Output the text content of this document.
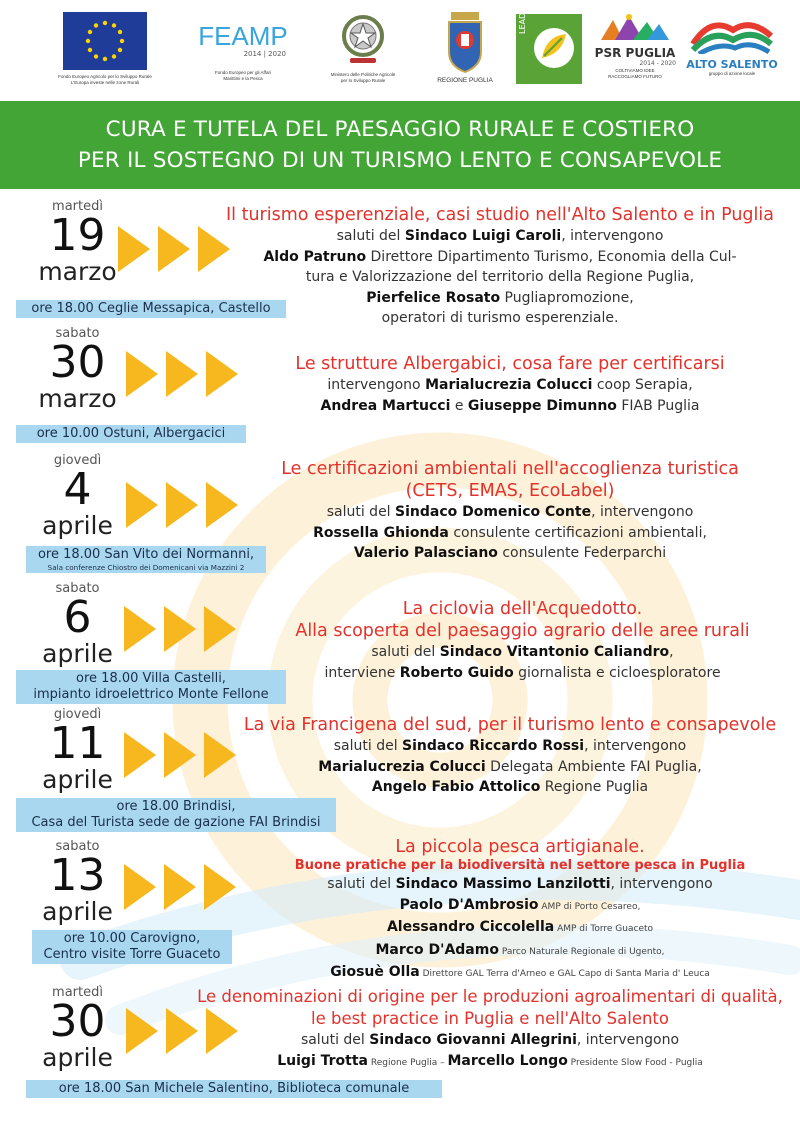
Fondo Europeo Agricolo per lo Sviluppo Rurale
L'Europa investe nelle zone Rurali
FEAMP
2014 | 2020
Fondo Europeo per gli Affari
Marittimi e la Pesca
Ministero delle Politiche Agricole
per lo Sviluppo Rurale	REGIONE PUGLIA
LEADER
PSR PUGLIA
2014 - 2020
COLTIVIAMO IDEE
RACCOGLIAMO FUTURO
ALTO SALENTO
gruppo di azione locale
CURA E TUTELA DEL PAESAGGIO RURALE E COSTIERO
PER IL SOSTEGNO DI UN TURISMO LENTO E CONSAPEVOLE
martedì
19
marzo
ore 18.00 Ceglie Messapica, Castello
Il turismo esperenziale, casi studio nell'Alto Salento e in Puglia
saluti del Sindaco Luigi Caroli, intervengono
Aldo Patruno Direttore Dipartimento Turismo, Economia della Cul-
tura e Valorizzazione del territorio della Regione Puglia,
Pierfelice Rosato Pugliapromozione,
operatori di turismo esperenziale.
sabato
30
marzo
ore 10.00 Ostuni, Albergacici
Le strutture Albergabici, cosa fare per certificarsi
intervengono Marialucrezia Colucci coop Serapia,
Andrea Martucci e Giuseppe Dimunno FIAB Puglia
giovedì
4
aprile
ore 18.00 San Vito dei Normanni,
Sala conferenze Chiostro dei Domenicani via Mazzini 2
Le certificazioni ambientali nell'accoglienza turistica
(CETS, EMAS, EcoLabel)
saluti del Sindaco Domenico Conte, intervengono
Rossella Ghionda consulente certificazioni ambientali,
Valerio Palasciano consulente Federparchi
sabato
6
aprile
ore 18.00 Villa Castelli,
impianto idroelettrico Monte Fellone
La ciclovia dell'Acquedotto.
Alla scoperta del paesaggio agrario delle aree rurali
saluti del Sindaco Vitantonio Caliandro,
interviene Roberto Guido giornalista e cicloesploratore
giovedì
11
aprile
ore 18.00 Brindisi,
Casa del Turista sede de gazione FAI Brindisi
La via Francigena del sud, per il turismo lento e consapevole
saluti del Sindaco Riccardo Rossi, intervengono
Marialucrezia Colucci Delegata Ambiente FAI Puglia,
Angelo Fabio Attolico Regione Puglia
sabato
13
aprile
ore 10.00 Carovigno,
Centro visite Torre Guaceto
La piccola pesca artigianale.
Buone pratiche per la biodiversità nel settore pesca in Puglia
saluti del Sindaco Massimo Lanzilotti, intervengono
Paolo D'Ambrosio AMP di Porto Cesareo,
Alessandro Ciccolella AMP di Torre Guaceto
Marco D'Adamo Parco Naturale Regionale di Ugento,
Giosuè Olla Direttore GAL Terra d'Arneo e GAL Capo di Santa Maria d' Leuca
martedì
30
aprile
ore 18.00 San Michele Salentino, Biblioteca comunale
Le denominazioni di origine per le produzioni agroalimentari di qualità,
le best practice in Puglia e nell'Alto Salento
saluti del Sindaco Giovanni Allegrini, intervengono
Luigi Trotta Regione Puglia – Marcello Longo Presidente Slow Food - Puglia
